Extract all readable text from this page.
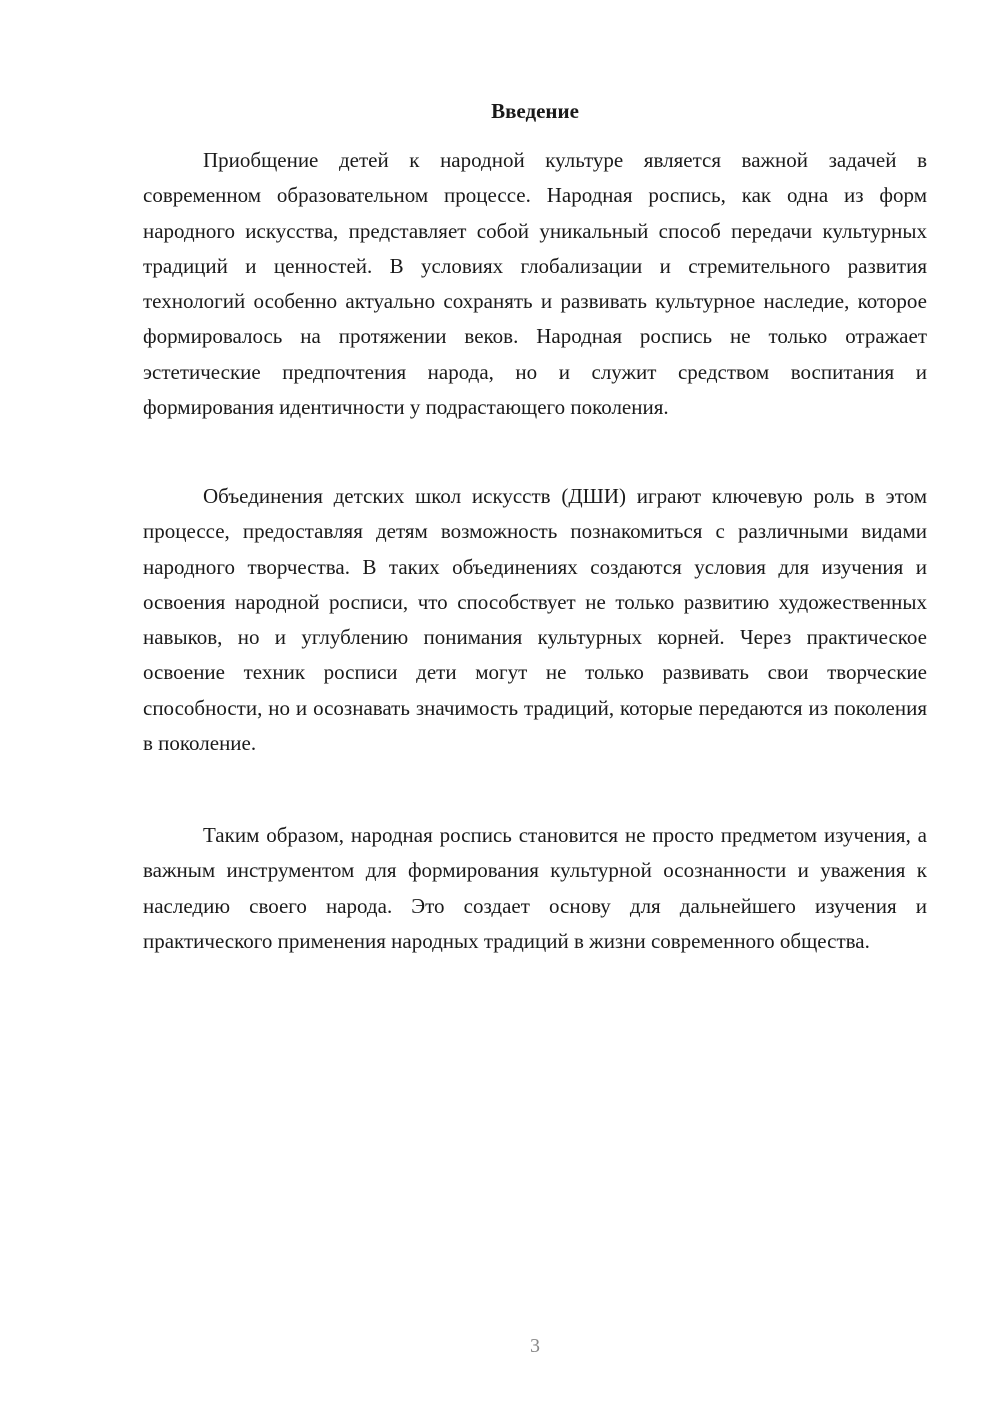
Введение

Приобщение детей к народной культуре является важной задачей в современном образовательном процессе. Народная роспись, как одна из форм народного искусства, представляет собой уникальный способ передачи культурных традиций и ценностей. В условиях глобализации и стремительного развития технологий особенно актуально сохранять и развивать культурное наследие, которое формировалось на протяжении веков. Народная роспись не только отражает эстетические предпочтения народа, но и служит средством воспитания и формирования идентичности у подрастающего поколения.

Объединения детских школ искусств (ДШИ) играют ключевую роль в этом процессе, предоставляя детям возможность познакомиться с различными видами народного творчества. В таких объединениях создаются условия для изучения и освоения народной росписи, что способствует не только развитию художественных навыков, но и углублению понимания культурных корней. Через практическое освоение техник росписи дети могут не только развивать свои творческие способности, но и осознавать значимость традиций, которые передаются из поколения в поколение.

Таким образом, народная роспись становится не просто предметом изучения, а важным инструментом для формирования культурной осознанности и уважения к наследию своего народа. Это создает основу для дальнейшего изучения и практического применения народных традиций в жизни современного общества.

3
